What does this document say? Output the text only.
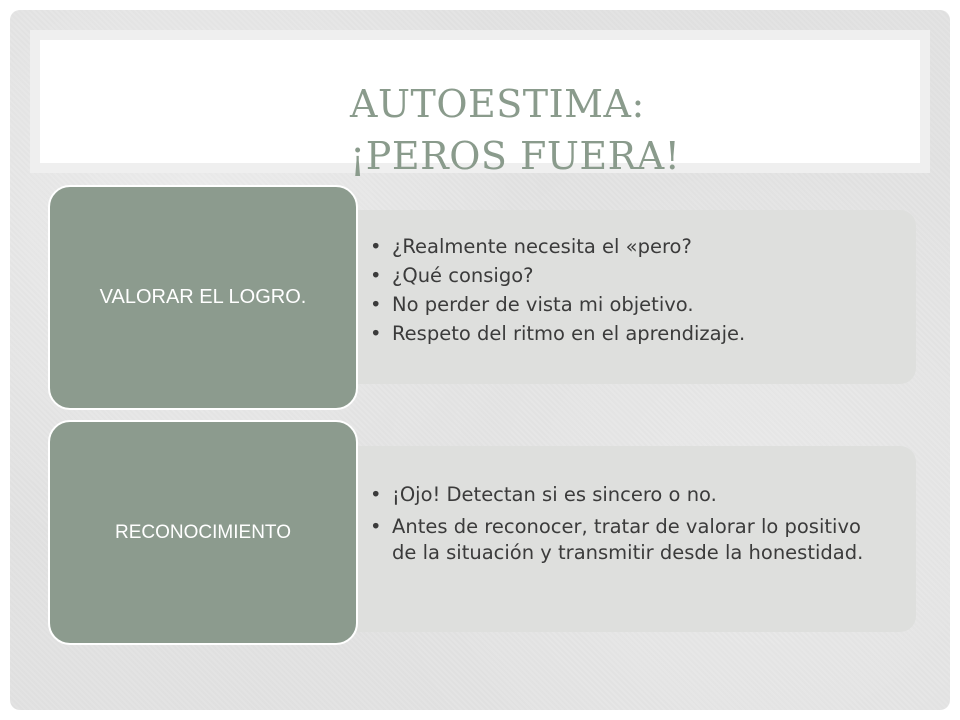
AUTOESTIMA:
¡PEROS FUERA!
VALORAR EL LOGRO.
RECONOCIMIENTO
• ¿Realmente necesita el «pero?
• ¿Qué consigo?
• No perder de vista mi objetivo.
• Respeto del ritmo en el aprendizaje.
• ¡Ojo! Detectan si es sincero o no.
• Antes de reconocer, tratar de valorar lo positivo de la situación y transmitir desde la honestidad.
